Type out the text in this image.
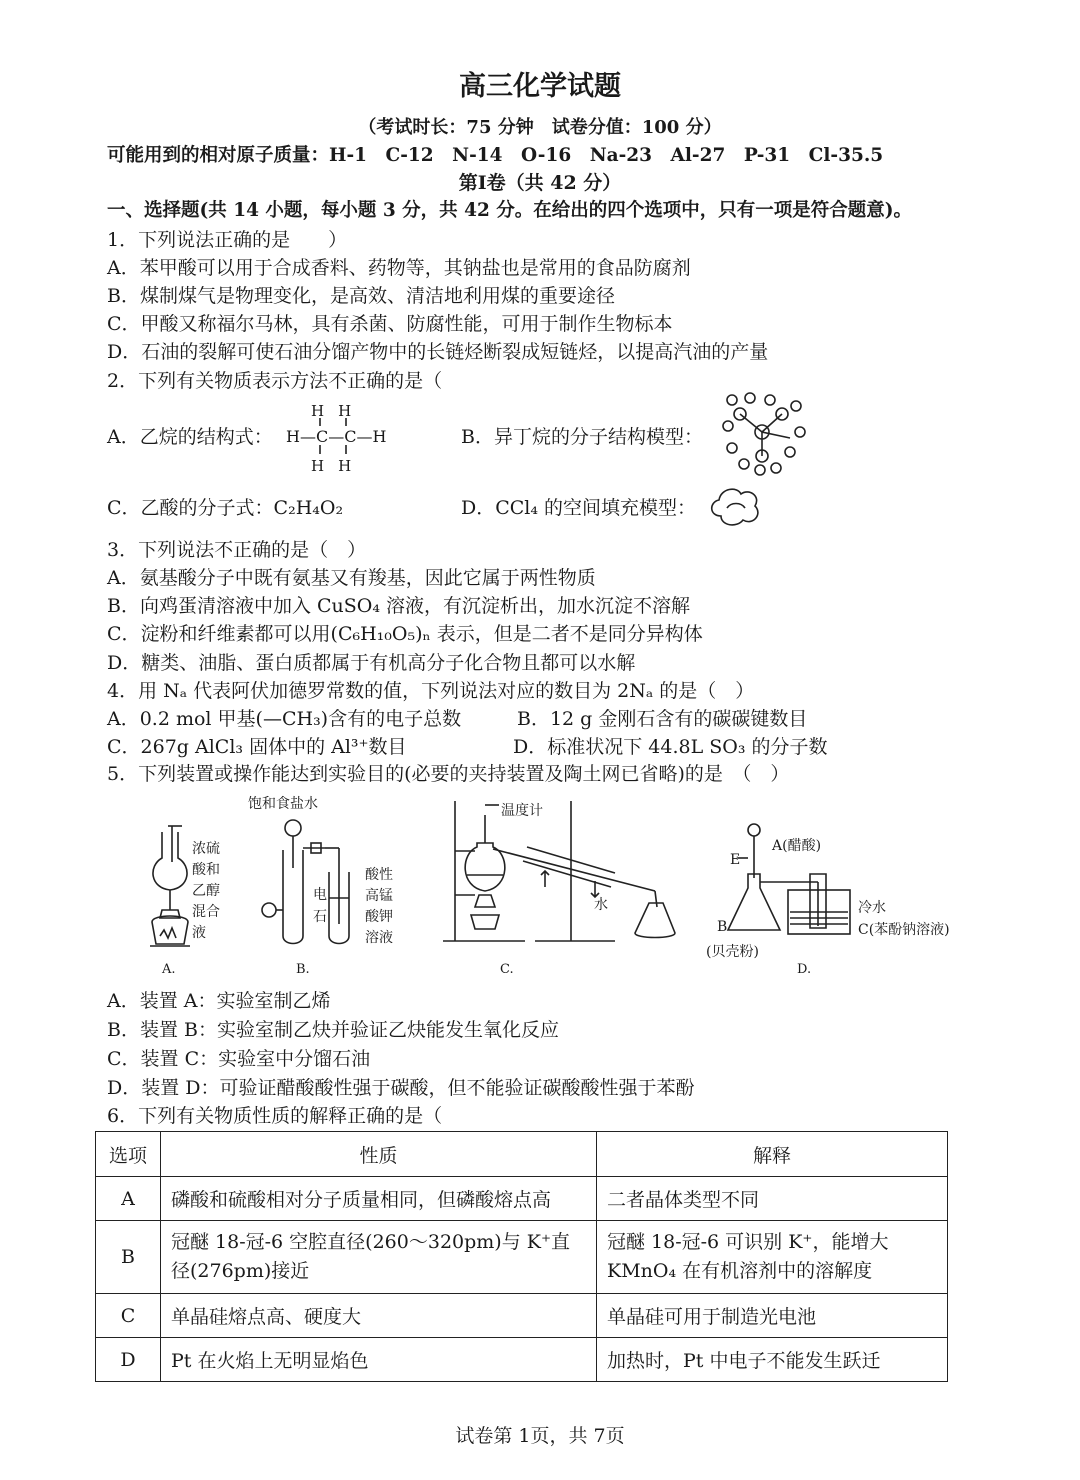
高三化学试题
（考试时长：75 分钟　试卷分值：100 分）
可能用到的相对原子质量：H-1　C-12　N-14　O-16　Na-23　Al-27　P-31　Cl-35.5
第Ⅰ卷（共 42 分）
一、选择题(共 14 小题，每小题 3 分，共 42 分。在给出的四个选项中，只有一项是符合题意)。
1．下列说法正确的是　　）
A．苯甲酸可以用于合成香料、药物等，其钠盐也是常用的食品防腐剂
B．煤制煤气是物理变化，是高效、清洁地利用煤的重要途径
C．甲酸又称福尔马林，具有杀菌、防腐性能，可用于制作生物标本
D．石油的裂解可使石油分馏产物中的长链烃断裂成短链烃，以提高汽油的产量
2．下列有关物质表示方法不正确的是（
A．乙烷的结构式：
HH
H—C—C—H
HH
B．异丁烷的分子结构模型：
C．乙酸的分子式：C₂H₄O₂	D．CCl₄ 的空间填充模型：
3．下列说法不正确的是（　）
A．氨基酸分子中既有氨基又有羧基，因此它属于两性物质
B．向鸡蛋清溶液中加入 CuSO₄ 溶液，有沉淀析出，加水沉淀不溶解
C．淀粉和纤维素都可以用(C₆H₁₀O₅)ₙ 表示，但是二者不是同分异构体
D．糖类、油脂、蛋白质都属于有机高分子化合物且都可以水解
4．用 Nₐ 代表阿伏加德罗常数的值，下列说法对应的数目为 2Nₐ 的是（　）
A．0.2 mol 甲基(—CH₃)含有的电子总数	B．12 g 金刚石含有的碳碳键数目
C．267g AlCl₃ 固体中的 Al³⁺数目	D．标准状况下 44.8L SO₃ 的分子数
5．下列装置或操作能达到实验目的(必要的夹持装置及陶土网已省略)的是　（　）
浓硫
酸和
乙醇
混合
液
A.
饱和食盐水
电
石
酸性
高锰
酸钾
溶液
B.
温度计
水
C.
A(醋酸)
E
冷水
B	C(苯酚钠溶液)
(贝壳粉)
D.
A．装置 A：实验室制乙烯
B．装置 B：实验室制乙炔并验证乙炔能发生氧化反应
C．装置 C：实验室中分馏石油
D．装置 D：可验证醋酸酸性强于碳酸，但不能验证碳酸酸性强于苯酚
6．下列有关物质性质的解释正确的是（
选项	性质	解释
A	磷酸和硫酸相对分子质量相同，但磷酸熔点高	二者晶体类型不同
B	冠醚 18-冠-6 空腔直径(260～320pm)与 K⁺直径(276pm)接近	冠醚 18-冠-6 可识别 K⁺，能增大 KMnO₄ 在有机溶剂中的溶解度
C	单晶硅熔点高、硬度大	单晶硅可用于制造光电池
D	Pt 在火焰上无明显焰色	加热时，Pt 中电子不能发生跃迁
试卷第 1页，共 7页
